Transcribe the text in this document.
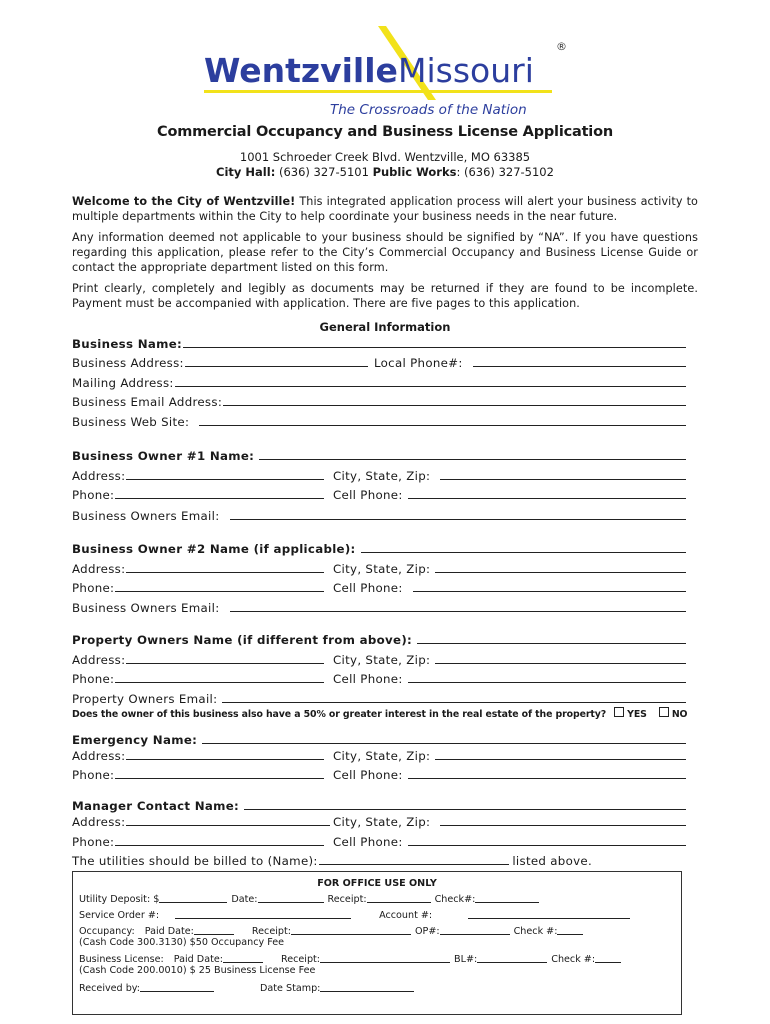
Wentzville Missouri
®
The Crossroads of the Nation
Commercial Occupancy and Business License Application
1001 Schroeder Creek Blvd. Wentzville, MO 63385
City Hall: (636) 327-5101 Public Works: (636) 327-5102
Welcome to the City of Wentzville! This integrated application process will alert your business activity to multiple departments within the City to help coordinate your business needs in the near future.
Any information deemed not applicable to your business should be signified by “NA”. If you have questions regarding this application, please refer to the City’s Commercial Occupancy and Business License Guide or contact the appropriate department listed on this form.
Print clearly, completely and legibly as documents may be returned if they are found to be incomplete. Payment must be accompanied with application. There are five pages to this application.
General Information
Business Name:
Business Address:	Local Phone#:
Mailing Address:
Business Email Address:
Business Web Site:
Business Owner #1 Name:
Address:	City, State, Zip:
Phone:	Cell Phone:
Business Owners Email:
Business Owner #2 Name (if applicable):
Address:	City, State, Zip:
Phone:	Cell Phone:
Business Owners Email:
Property Owners Name (if different from above):
Address:	City, State, Zip:
Phone:	Cell Phone:
Property Owners Email:
Does the owner of this business also have a 50% or greater interest in the real estate of the property? YES	NO
Emergency Name:
Address:	City, State, Zip:
Phone:	Cell Phone:
Manager Contact Name:
Address:	City, State, Zip:
Phone:	Cell Phone:
The utilities should be billed to (Name):	listed above.
FOR OFFICE USE ONLY
Utility Deposit: $	Date:	Receipt:	Check#:
Service Order #:	Account #:
Occupancy: Paid Date:	Receipt:	OP#:	Check #:
(Cash Code 300.3130) $50 Occupancy Fee
Business License: Paid Date:	Receipt:	BL#:	Check #:
(Cash Code 200.0010) $ 25 Business License Fee
Received by:	Date Stamp:
